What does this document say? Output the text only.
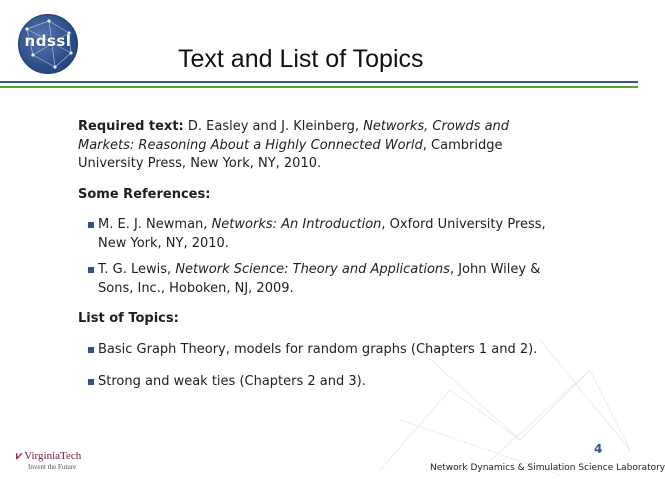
ndssl
Text and List of Topics

Required text: D. Easley and J. Kleinberg, Networks, Crowds and Markets: Reasoning About a Highly Connected World, Cambridge University Press, New York, NY, 2010.

Some References:
M. E. J. Newman, Networks: An Introduction, Oxford University Press, New York, NY, 2010.
T. G. Lewis, Network Science: Theory and Applications, John Wiley & Sons, Inc., Hoboken, NJ, 2009.
List of Topics:
Basic Graph Theory, models for random graphs (Chapters 1 and 2).
Strong and weak ties (Chapters 2 and 3).
⩗ VirginiaTech
Invent the Future
4
Network Dynamics & Simulation Science Laboratory
